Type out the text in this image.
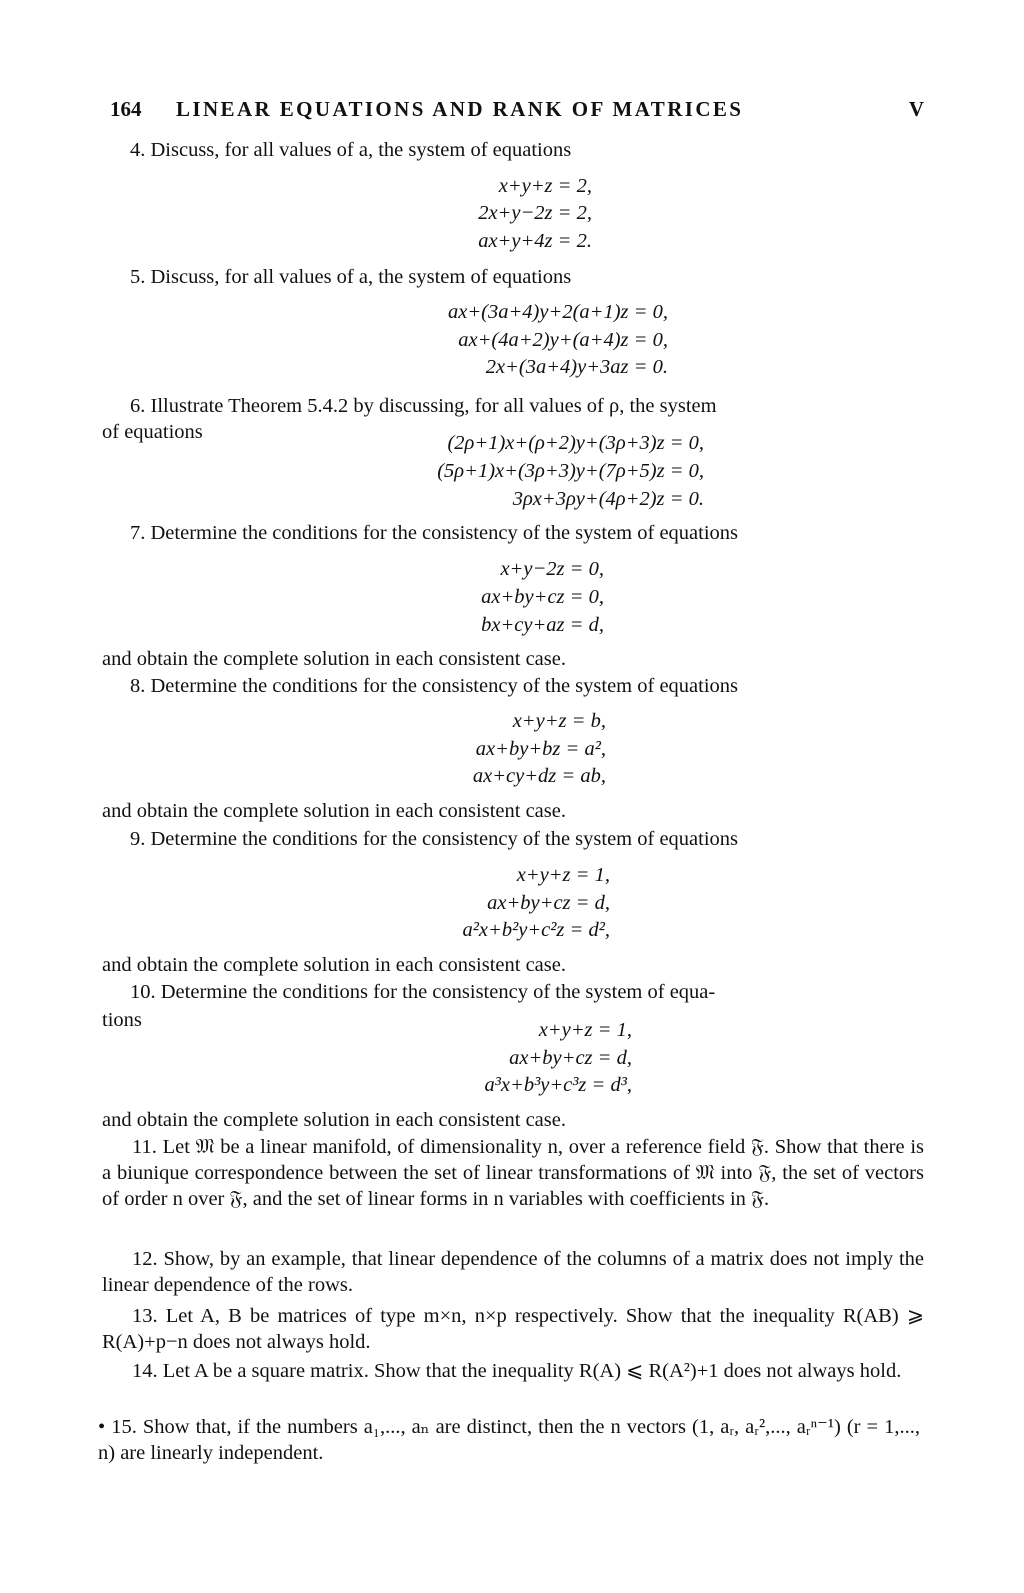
164 LINEAR EQUATIONS AND RANK OF MATRICES	V
4. Discuss, for all values of a, the system of equations
x+y+z = 2,
2x+y−2z = 2,
ax+y+4z = 2.
5. Discuss, for all values of a, the system of equations
ax+(3a+4)y+2(a+1)z = 0,
ax+(4a+2)y+(a+4)z = 0,
2x+(3a+4)y+3az = 0.
6. Illustrate Theorem 5.4.2 by discussing, for all values of ρ, the system
of equations	(2ρ+1)x+(ρ+2)y+(3ρ+3)z = 0,
(5ρ+1)x+(3ρ+3)y+(7ρ+5)z = 0,
3ρx+3ρy+(4ρ+2)z = 0.
7. Determine the conditions for the consistency of the system of equations
x+y−2z = 0,
ax+by+cz = 0,
bx+cy+az = d,
and obtain the complete solution in each consistent case.
8. Determine the conditions for the consistency of the system of equations
x+y+z = b,
ax+by+bz = a²,
ax+cy+dz = ab,
and obtain the complete solution in each consistent case.
9. Determine the conditions for the consistency of the system of equations
x+y+z = 1,
ax+by+cz = d,
a²x+b²y+c²z = d²,
and obtain the complete solution in each consistent case.
10. Determine the conditions for the consistency of the system of equa-
tions	x+y+z = 1,
ax+by+cz = d,
a³x+b³y+c³z = d³,
and obtain the complete solution in each consistent case.
11. Let 𝔐 be a linear manifold, of dimensionality n, over a reference field 𝔉. Show that there is a biunique correspondence between the set of linear transformations of 𝔐 into 𝔉, the set of vectors of order n over 𝔉, and the set of linear forms in n variables with coefficients in 𝔉.
12. Show, by an example, that linear dependence of the columns of a matrix does not imply the linear dependence of the rows.
13. Let A, B be matrices of type m×n, n×p respectively. Show that the inequality R(AB) ⩾ R(A)+p−n does not always hold.
14. Let A be a square matrix. Show that the inequality R(A) ⩽ R(A²)+1 does not always hold.
• 15. Show that, if the numbers a₁,..., aₙ are distinct, then the n vectors (1, aᵣ, aᵣ²,..., aᵣⁿ⁻¹) (r = 1,..., n) are linearly independent.
